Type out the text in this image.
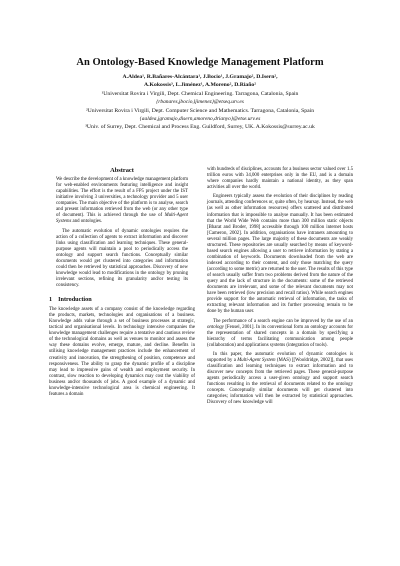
An Ontology-Based Knowledge Management Platform
A.Aldea¹, R.Bañares-Alcántara¹, J.Bocio¹, J.Gramajo², D.Isern²,
A.Kokossis³, L.Jiménez¹, A.Moreno², D.Riaño²
¹Universitat Rovira i Virgili, Dept. Chemical Engineering. Tarragona, Catalonia, Spain
{rbanares,jbocio,ljimenez}@etseq.urv.es
²Universitat Rovira i Virgili, Dept. Computer Science and Mathematics. Tarragona, Catalonia, Spain
{aaldea,jgramajo,disern,amoreno,drianyo}@etse.urv.es
³Univ. of Surrey, Dept. Chemical and Process Eng. Guildford, Surrey, UK. A.Kokossis@surrey.ac.uk
Abstract

We describe the development of a knowledge management platform for web-enabled environments featuring intelligence and insight capabilities. The effort is the result of a FP5 project under the IST initiative involving 3 universities, a technology provider and 5 user companies. The main objective of the platform is to analyse, search and present information retrieved from the web (or any other type of document). This is achieved through the use of Multi-Agent Systems and ontologies.

The automatic evolution of dynamic ontologies requires the action of a collection of agents to extract information and discover links using classification and learning techniques. These general-purpose agents will maintain a pool to periodically access the ontology and support search functions. Conceptually similar documents would get clustered into categories and information could then be retrieved by statistical approaches. Discovery of new knowledge would lead to modifications in the ontology by pruning irrelevant sections, refining its granularity and/or testing its consistency.

1 Introduction

The knowledge assets of a company consist of the knowledge regarding the products, markets, technologies and organisations of a business. Knowledge adds value through a set of business processes at strategic, tactical and organisational levels. In technology intensive companies the knowledge management challenges require a tentative and cautious review of the technological domains as well as venues to monitor and assess the way these domains evolve, emerge, mature, and decline. Benefits in utilising knowledge management practices include the enhancement of creativity and innovation, the strengthening of position, competence and responsiveness. The ability to grasp the dynamic profile of a discipline may lead to impressive gains of wealth and employment security. In contrast, slow reaction to developing dynamics may cost the viability of business and/or thousands of jobs. A good example of a dynamic and knowledge-intensive technological area is chemical engineering. It features a domain

with hundreds of disciplines, accounts for a business sector valued over 1.5 trillion euros with 34,000 enterprises only in the EU, and is a domain where companies hardly maintain a national identity, as they span activities all over the world.

Engineers typically assess the evolution of their disciplines by reading journals, attending conferences or, quite often, by hearsay. Instead, the web (as well as other information resources) offers scattered and distributed information that is impossible to analyse manually. It has been estimated that the World Wide Web contains more than 300 million static objects [Bharat and Broder, 1998] accessible through 100 million internet hosts [Cameron, 2002]. In addition, organisations have intranets amounting to several million pages. The large majority of these documents are weakly structured. These repositories are usually searched by means of keyword-based search engines allowing a user to retrieve information by stating a combination of keywords. Documents downloaded from the web are indexed according to their content, and only those matching the query (according to some metric) are returned to the user. The results of this type of search usually suffer from two problems derived from the nature of the query and the lack of structure in the documents: some of the retrieved documents are irrelevant, and some of the relevant documents may not have been retrieved (low precision and recall ratios). While search engines provide support for the automatic retrieval of information, the tasks of extracting relevant information and its further processing remain to be done by the human user.

The performance of a search engine can be improved by the use of an ontology [Fensel, 2001]. In its conventional form an ontology accounts for the representation of shared concepts in a domain by specifying a hierarchy of terms facilitating communication among people (collaboration) and applications systems (integration of tools).

In this paper, the automatic evolution of dynamic ontologies is supported by a Multi-Agent System (MAS) [[Wooldridge, 2002]], that uses classification and learning techniques to extract information and to discover new concepts from the retrieved pages. These general-purpose agents periodically access a user-given ontology and support search functions resulting in the retrieval of documents related to the ontology concepts. Conceptually similar documents will get clustered into categories; information will then be extracted by statistical approaches. Discovery of new knowledge will
